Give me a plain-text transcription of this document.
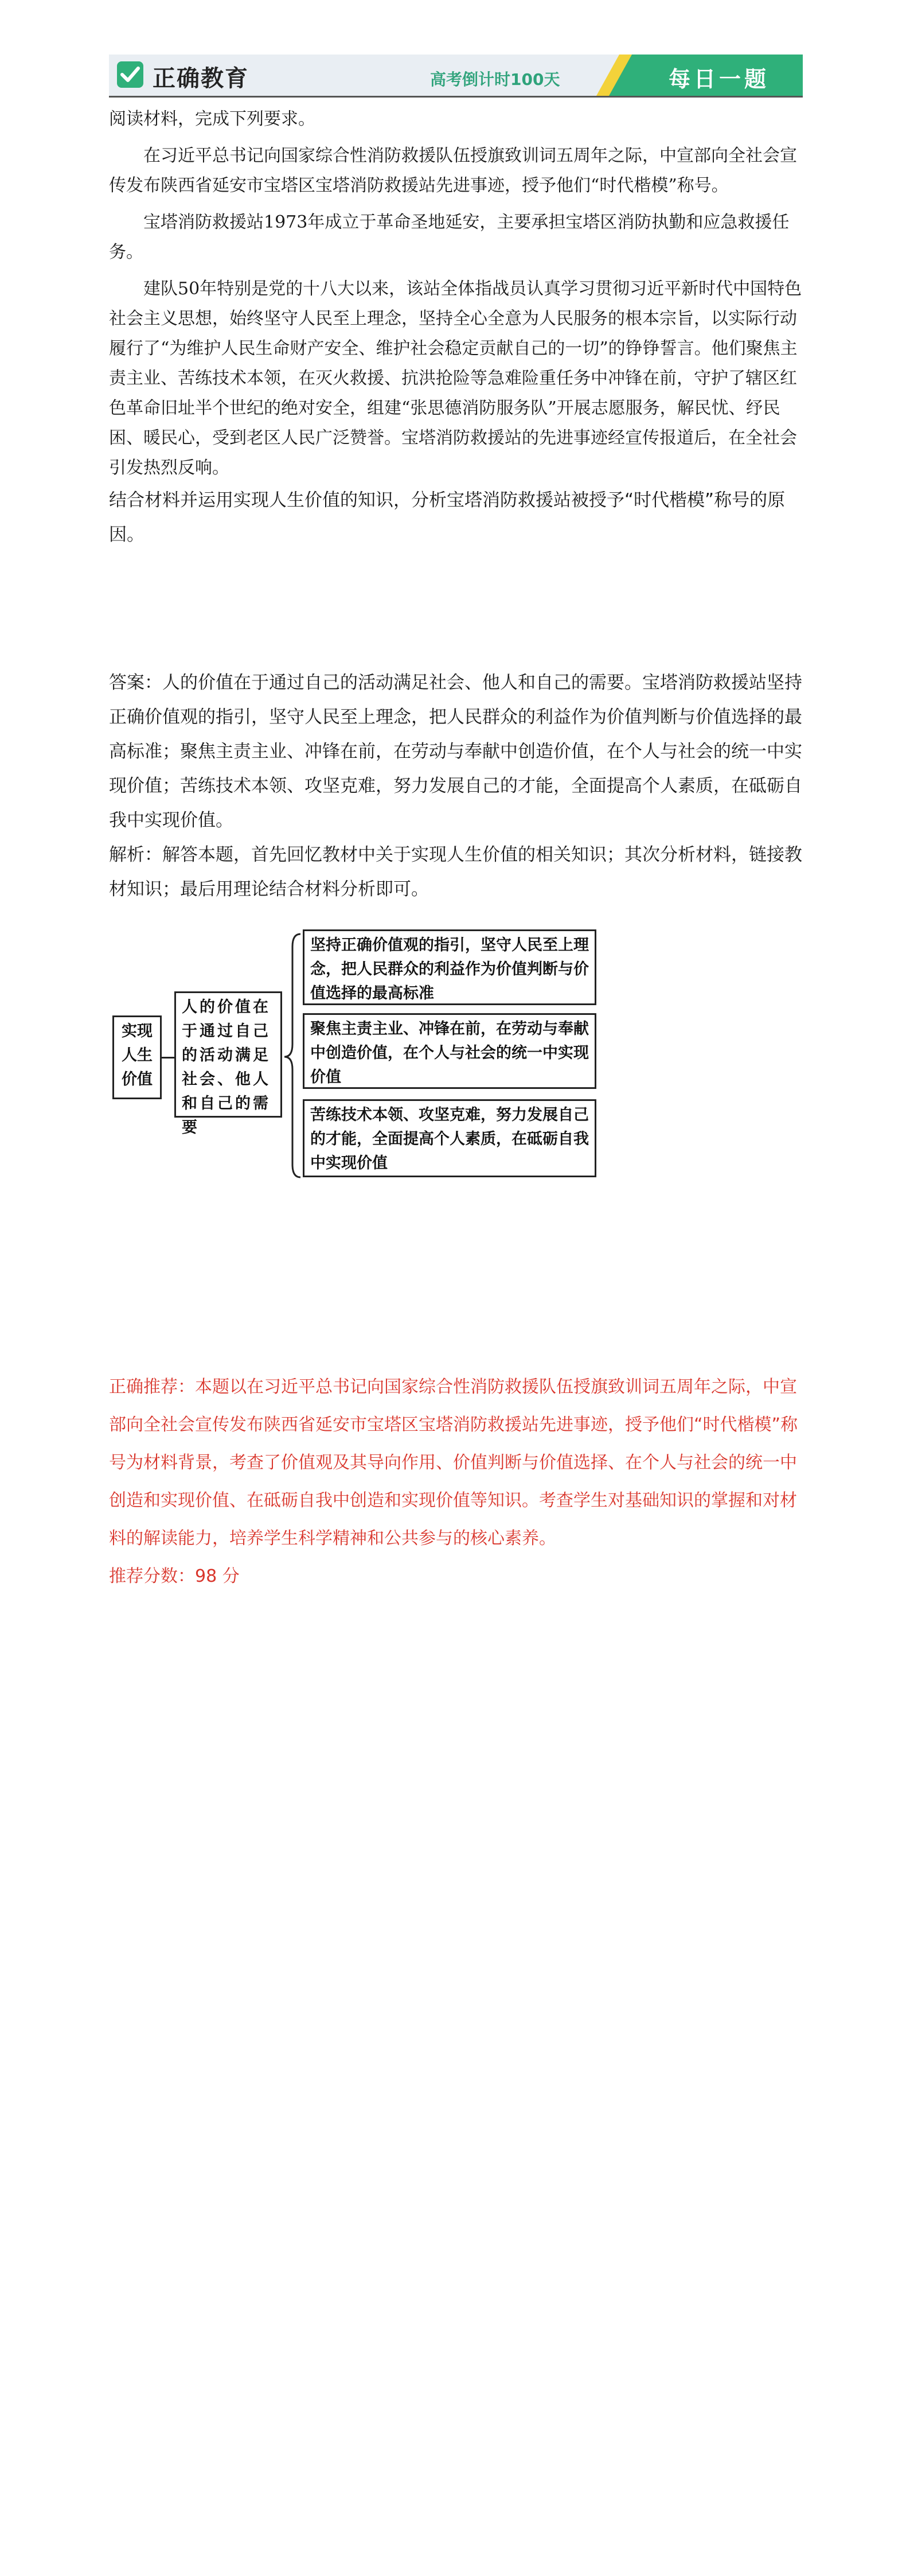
正确教育	高考倒计时100天	每日一题

阅读材料，完成下列要求。

在习近平总书记向国家综合性消防救援队伍授旗致训词五周年之际，中宣部向全社会宣传发布陕西省延安市宝塔区宝塔消防救援站先进事迹，授予他们“时代楷模”称号。

宝塔消防救援站1973年成立于革命圣地延安，主要承担宝塔区消防执勤和应急救援任务。

建队50年特别是党的十八大以来，该站全体指战员认真学习贯彻习近平新时代中国特色社会主义思想，始终坚守人民至上理念，坚持全心全意为人民服务的根本宗旨，以实际行动履行了“为维护人民生命财产安全、维护社会稳定贡献自己的一切”的铮铮誓言。他们聚焦主责主业、苦练技术本领，在灭火救援、抗洪抢险等急难险重任务中冲锋在前，守护了辖区红色革命旧址半个世纪的绝对安全，组建“张思德消防服务队”开展志愿服务，解民忧、纾民困、暖民心，受到老区人民广泛赞誉。宝塔消防救援站的先进事迹经宣传报道后，在全社会引发热烈反响。

结合材料并运用实现人生价值的知识，分析宝塔消防救援站被授予“时代楷模”称号的原因。

答案：人的价值在于通过自己的活动满足社会、他人和自己的需要。宝塔消防救援站坚持正确价值观的指引，坚守人民至上理念，把人民群众的利益作为价值判断与价值选择的最高标准；聚焦主责主业、冲锋在前，在劳动与奉献中创造价值，在个人与社会的统一中实现价值；苦练技术本领、攻坚克难，努力发展自己的才能，全面提高个人素质，在砥砺自我中实现价值。

解析：解答本题，首先回忆教材中关于实现人生价值的相关知识；其次分析材料，链接教材知识；最后用理论结合材料分析即可。

实现人生价值
人的价值在于通过自己的活动满足社会、他人和自己的需要
坚持正确价值观的指引，坚守人民至上理念，把人民群众的利益作为价值判断与价值选择的最高标准
聚焦主责主业、冲锋在前，在劳动与奉献中创造价值，在个人与社会的统一中实现价值
苦练技术本领、攻坚克难，努力发展自己的才能，全面提高个人素质，在砥砺自我中实现价值

正确推荐：本题以在习近平总书记向国家综合性消防救援队伍授旗致训词五周年之际，中宣部向全社会宣传发布陕西省延安市宝塔区宝塔消防救援站先进事迹，授予他们“时代楷模”称号为材料背景，考查了价值观及其导向作用、价值判断与价值选择、在个人与社会的统一中创造和实现价值、在砥砺自我中创造和实现价值等知识。考查学生对基础知识的掌握和对材料的解读能力，培养学生科学精神和公共参与的核心素养。

推荐分数：98 分
